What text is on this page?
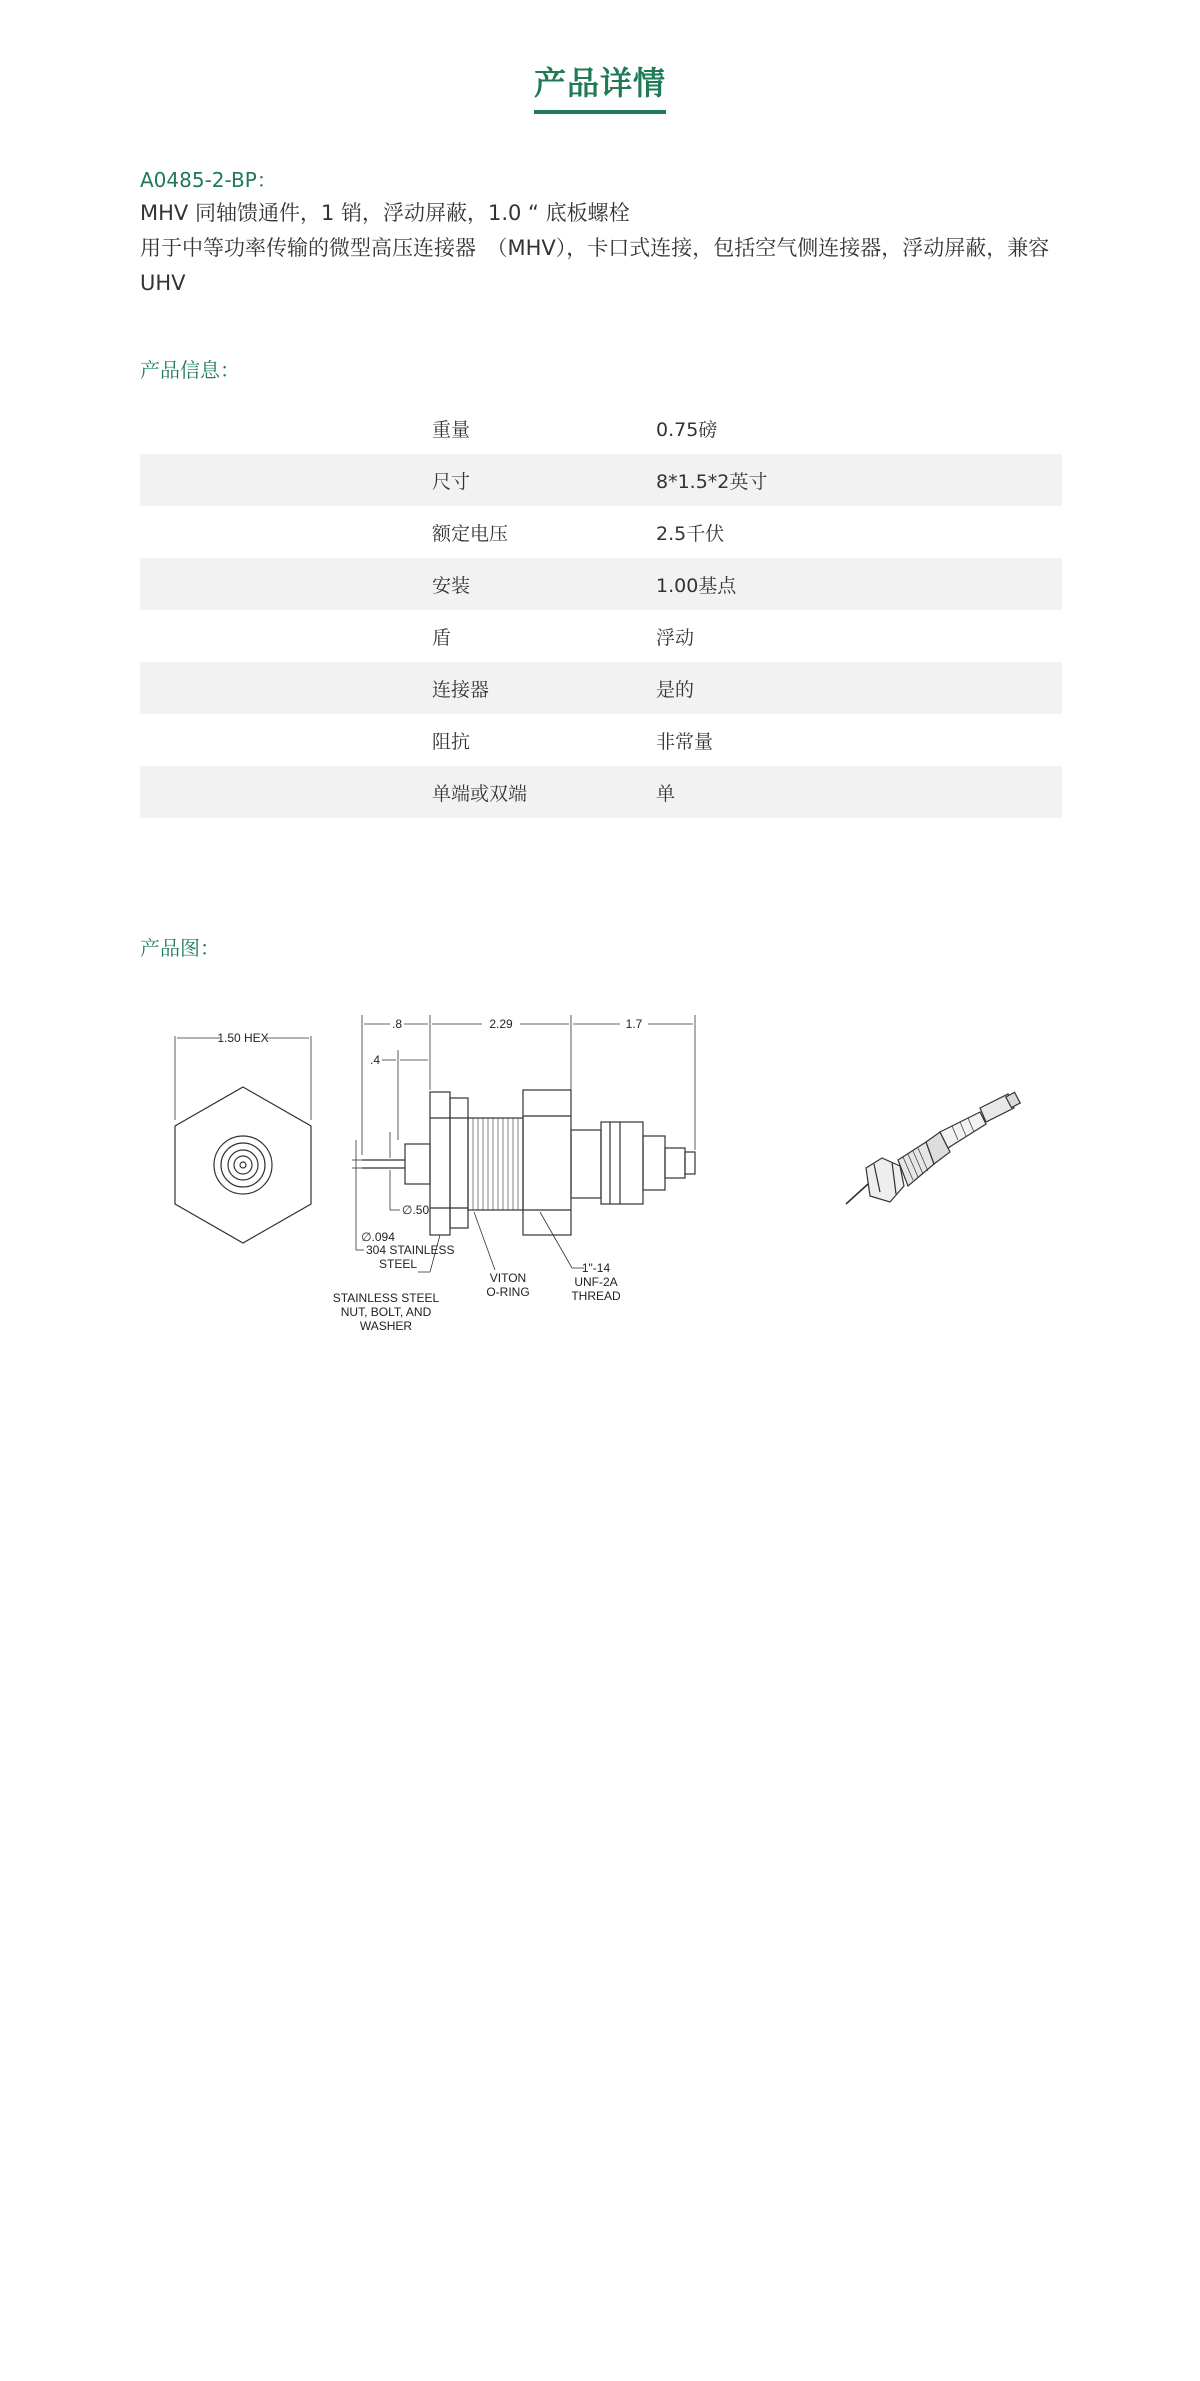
产品详情
A0485-2-BP：
MHV 同轴馈通件，1 销，浮动屏蔽，1.0 “ 底板螺栓
用于中等功率传输的微型高压连接器　（MHV），卡口式连接，包括空气侧连接器，浮动屏蔽，兼容 UHV
产品信息：
重量	0.75磅
尺寸	8*1.5*2英寸
额定电压	2.5千伏
安装	1.00基点
盾	浮动
连接器	是的
阻抗	非常量
单端或双端	单
产品图：
1.50 HEX
.8	2.29	1.7
.4
∅.50
∅.094
304 STAINLESS
STEEL
STAINLESS STEEL
NUT, BOLT, AND
WASHER
VITON
O-RING
1"-14
UNF-2A
THREAD
